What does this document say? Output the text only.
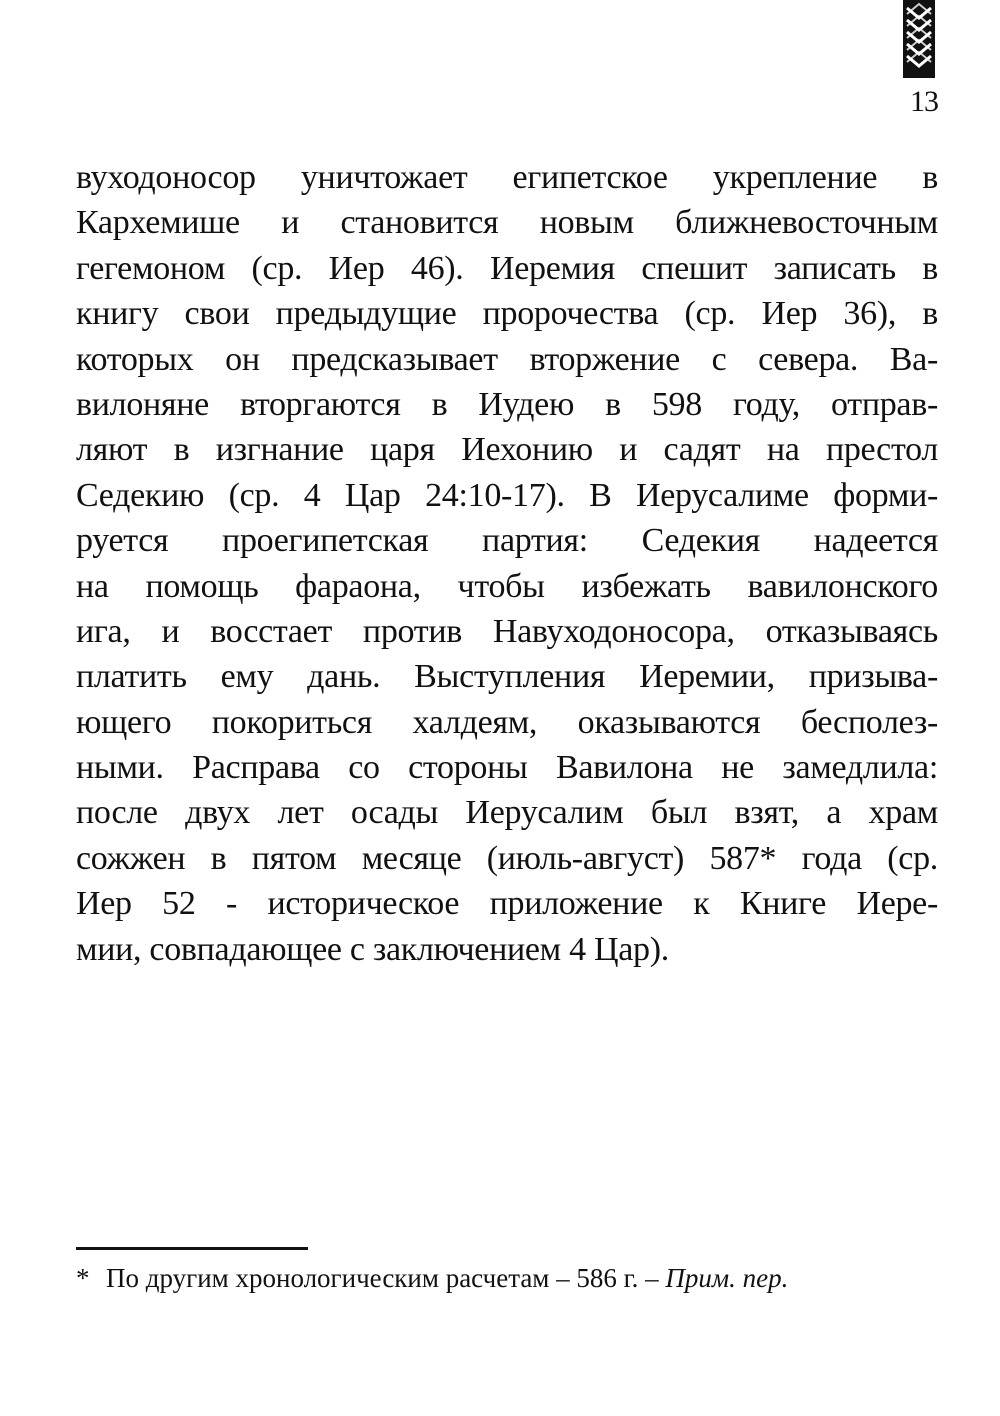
13
вуходоносор уничтожает египетское укрепление в
Кархемише и становится новым ближневосточным
гегемоном (ср. Иер 46). Иеремия спешит записать в
книгу свои предыдущие пророчества (ср. Иер 36), в
которых он предсказывает вторжение с севера. Ва-
вилоняне вторгаются в Иудею в 598 году, отправ-
ляют в изгнание царя Иехонию и садят на престол
Седекию (ср. 4 Цар 24:10-17). В Иерусалиме форми-
руется проегипетская партия: Седекия надеется
на помощь фараона, чтобы избежать вавилонского
ига, и восстает против Навуходоносора, отказываясь
платить ему дань. Выступления Иеремии, призыва-
ющего покориться халдеям, оказываются бесполез-
ными. Расправа со стороны Вавилона не замедлила:
после двух лет осады Иерусалим был взят, а храм
сожжен в пятом месяце (июль-август) 587* года (ср.
Иер 52 - историческое приложение к Книге Иере-
мии, совпадающее с заключением 4 Цар).
* По другим хронологическим расчетам – 586 г. – Прим. пер.
